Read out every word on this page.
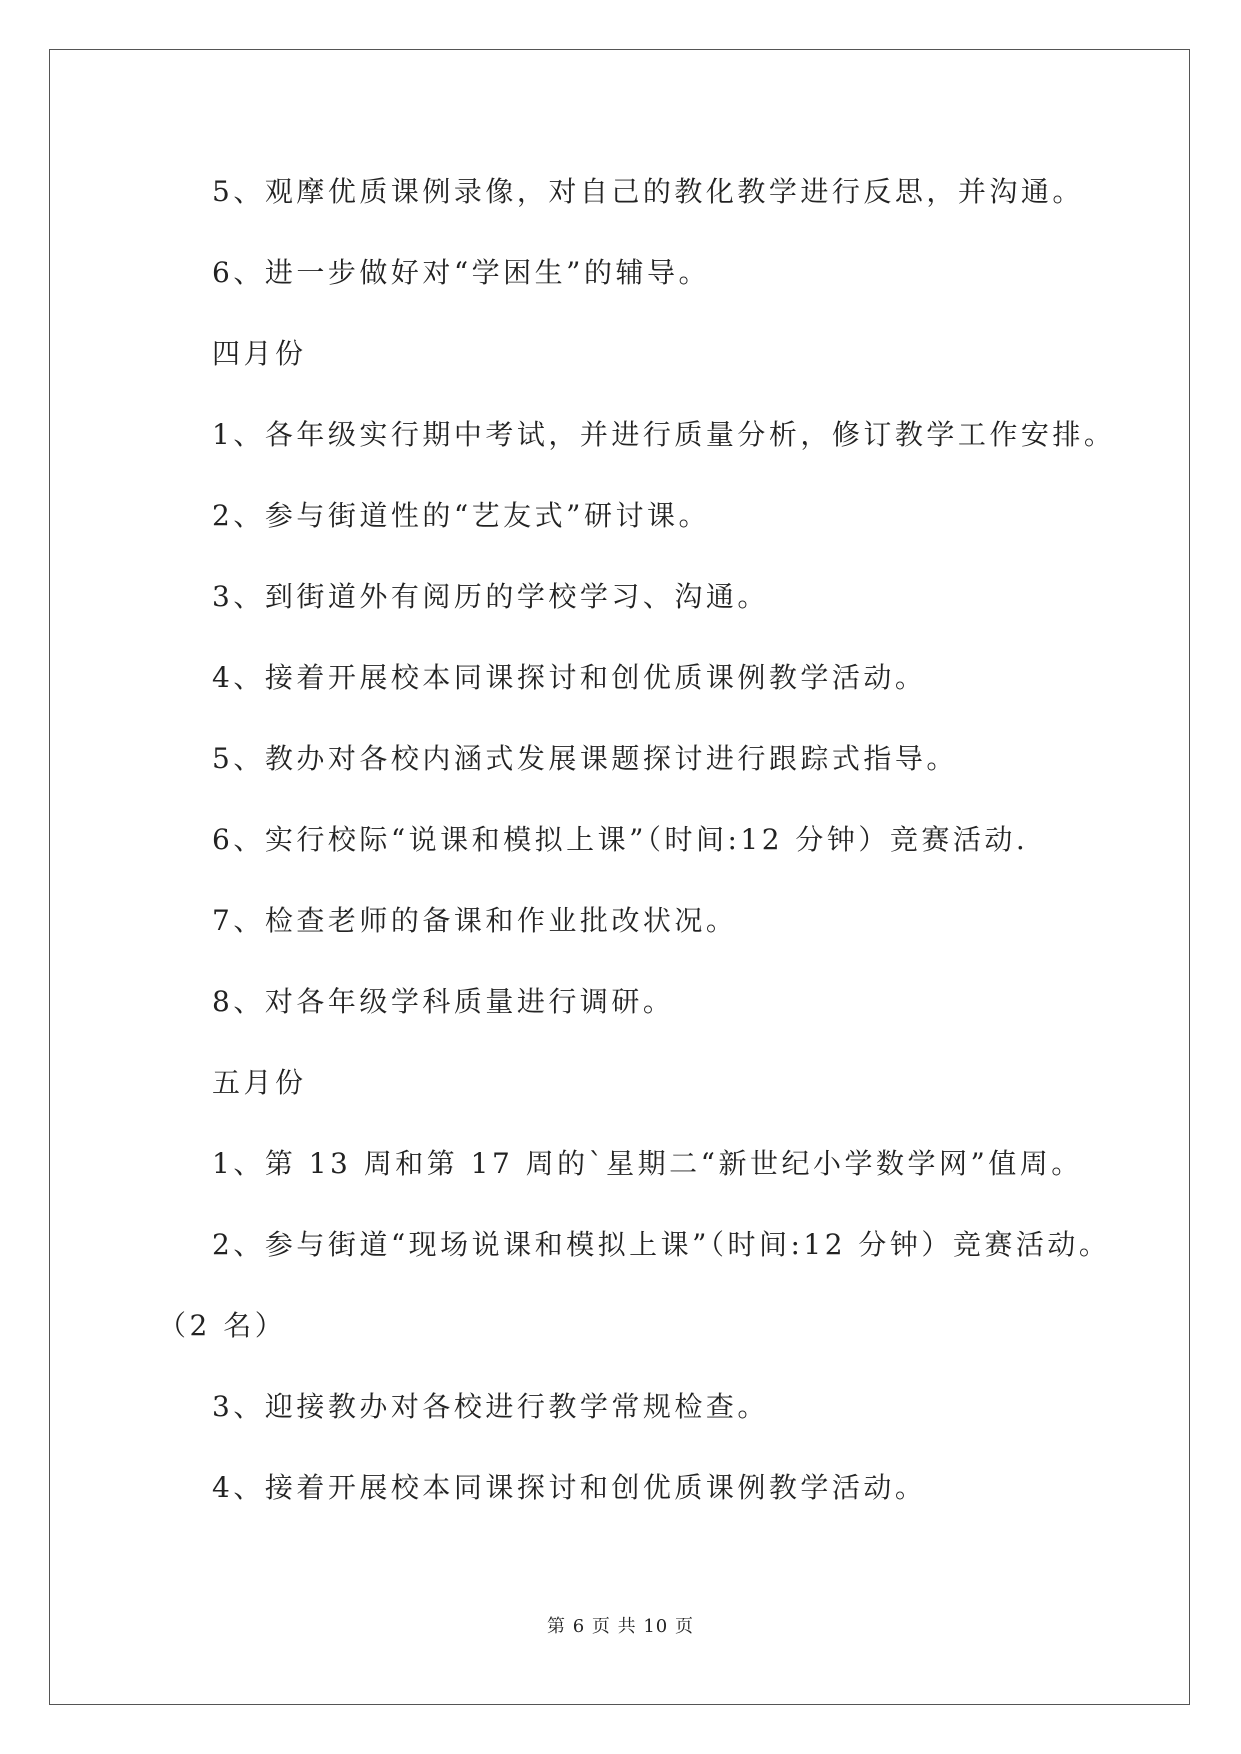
5、观摩优质课例录像，对自己的教化教学进行反思，并沟通。
6、进一步做好对“学困生”的辅导。
四月份
1、各年级实行期中考试，并进行质量分析，修订教学工作安排。
2、参与街道性的“艺友式”研讨课。
3、到街道外有阅历的学校学习、沟通。
4、接着开展校本同课探讨和创优质课例教学活动。
5、教办对各校内涵式发展课题探讨进行跟踪式指导。
6、实行校际“说课和模拟上课”（时间:12 分钟）竞赛活动.
7、检查老师的备课和作业批改状况。
8、对各年级学科质量进行调研。
五月份
1、第 13 周和第 17 周的`星期二“新世纪小学数学网”值周。
2、参与街道“现场说课和模拟上课”（时间:12 分钟）竞赛活动。
（2 名）
3、迎接教办对各校进行教学常规检查。
4、接着开展校本同课探讨和创优质课例教学活动。
第 6 页 共 10 页
